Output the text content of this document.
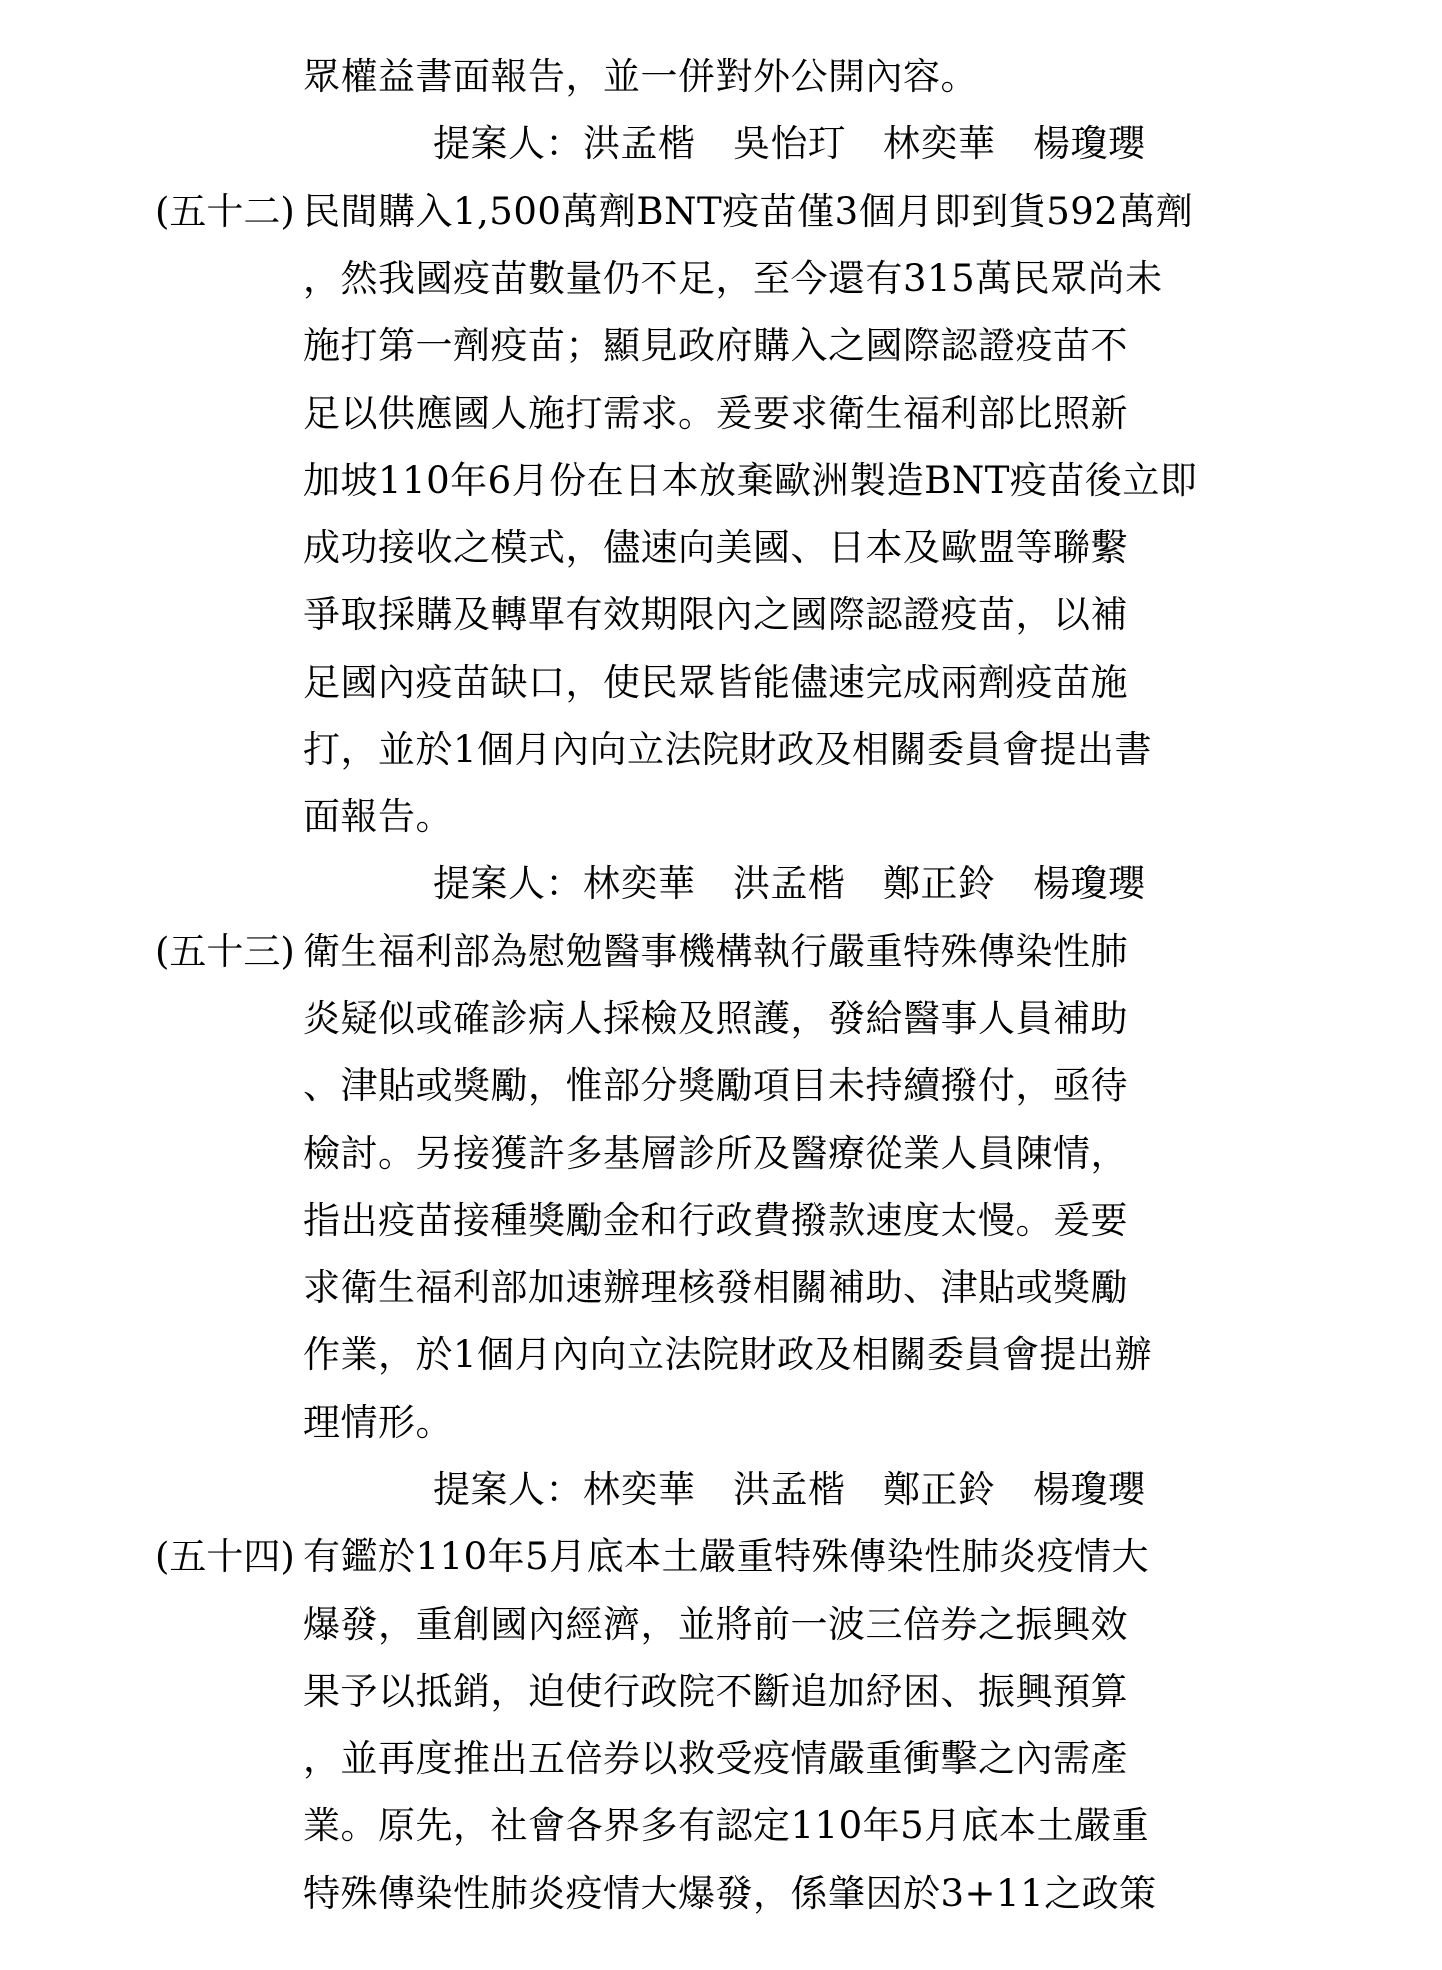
眾權益書面報告，並一併對外公開內容。
提案人：洪孟楷　吳怡玎　林奕華　楊瓊瓔
(五十二) 民間購入1,500萬劑BNT疫苗僅3個月即到貨592萬劑
，然我國疫苗數量仍不足，至今還有315萬民眾尚未
施打第一劑疫苗；顯見政府購入之國際認證疫苗不
足以供應國人施打需求。爰要求衛生福利部比照新
加坡110年6月份在日本放棄歐洲製造BNT疫苗後立即
成功接收之模式，儘速向美國、日本及歐盟等聯繫
爭取採購及轉單有效期限內之國際認證疫苗，以補
足國內疫苗缺口，使民眾皆能儘速完成兩劑疫苗施
打，並於1個月內向立法院財政及相關委員會提出書
面報告。
提案人：林奕華　洪孟楷　鄭正鈴　楊瓊瓔
(五十三) 衛生福利部為慰勉醫事機構執行嚴重特殊傳染性肺
炎疑似或確診病人採檢及照護，發給醫事人員補助
、津貼或獎勵，惟部分獎勵項目未持續撥付，亟待
檢討。另接獲許多基層診所及醫療從業人員陳情，
指出疫苗接種獎勵金和行政費撥款速度太慢。爰要
求衛生福利部加速辦理核發相關補助、津貼或獎勵
作業，於1個月內向立法院財政及相關委員會提出辦
理情形。
提案人：林奕華　洪孟楷　鄭正鈴　楊瓊瓔
(五十四) 有鑑於110年5月底本土嚴重特殊傳染性肺炎疫情大
爆發，重創國內經濟，並將前一波三倍券之振興效
果予以抵銷，迫使行政院不斷追加紓困、振興預算
，並再度推出五倍券以救受疫情嚴重衝擊之內需產
業。原先，社會各界多有認定110年5月底本土嚴重
特殊傳染性肺炎疫情大爆發，係肇因於3+11之政策
